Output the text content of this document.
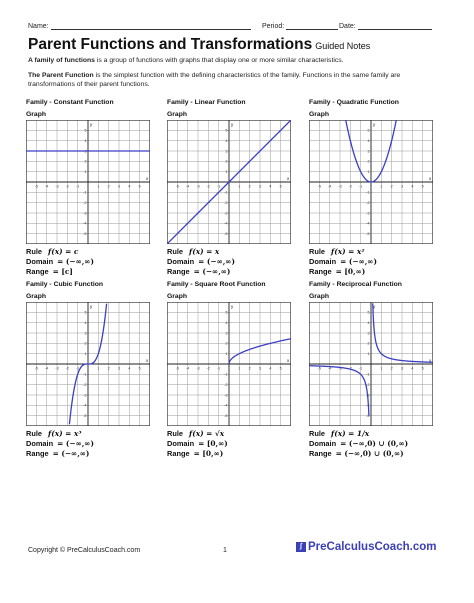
Name:	Period:	Date:
Parent Functions and Transformations Guided Notes
A family of functions is a group of functions with graphs that display one or more similar characteristics.
The Parent Function is the simplest function with the defining characteristics of the family. Functions in the same family are transformations of their parent functions.
Family - Constant Function
Graph
y
x
-5
-5
-4
-4
-3
-3
-2
-2
-1
-1
1
1
2
2
3
3
4
4
5
5
Rule f(x) = c
Domain = (−∞,∞)
Range = [c]
Family - Linear Function
Graph
y
x
-5
-5
-4
-4
-3
-3
-2
-2
-1
-1
1
1
2
2
3
3
4
4
5
5
Rule f(x) = x
Domain = (−∞,∞)
Range = (−∞,∞)
Family - Quadratic Function
Graph
y
x
-5
-5
-4
-4
-3
-3
-2
-2
-1
-1
1
1
2
2
3
3
4
4
5
5
Rule f(x) = x²
Domain = (−∞,∞)
Range = [0,∞)
Family - Cubic Function
Graph
y
x
-5
-5
-4
-4
-3
-3
-2
-2
-1
-1
1
1
2
2
3
3
4
4
5
5
Rule f(x) = x³
Domain = (−∞,∞)
Range = (−∞,∞)
Family - Square Root Function
Graph
y
x
-5
-5
-4
-4
-3
-3
-2
-2
-1
-1
1
1
2
2
3
3
4
4
5
5
Rule f(x) = √x
Domain = [0,∞)
Range = [0,∞)
Family - Reciprocal Function
Graph
y
x
-5
-5
-4
-4
-3
-3
-2
-2
-1
-1
1
1
2
2
3
3
4
4
5
5
Rule f(x) = 1/x
Domain = (−∞,0) ∪ (0,∞)
Range = (−∞,0) ∪ (0,∞)
Copyright © PreCalculusCoach.com	1
∫ PreCalculusCoach.com
